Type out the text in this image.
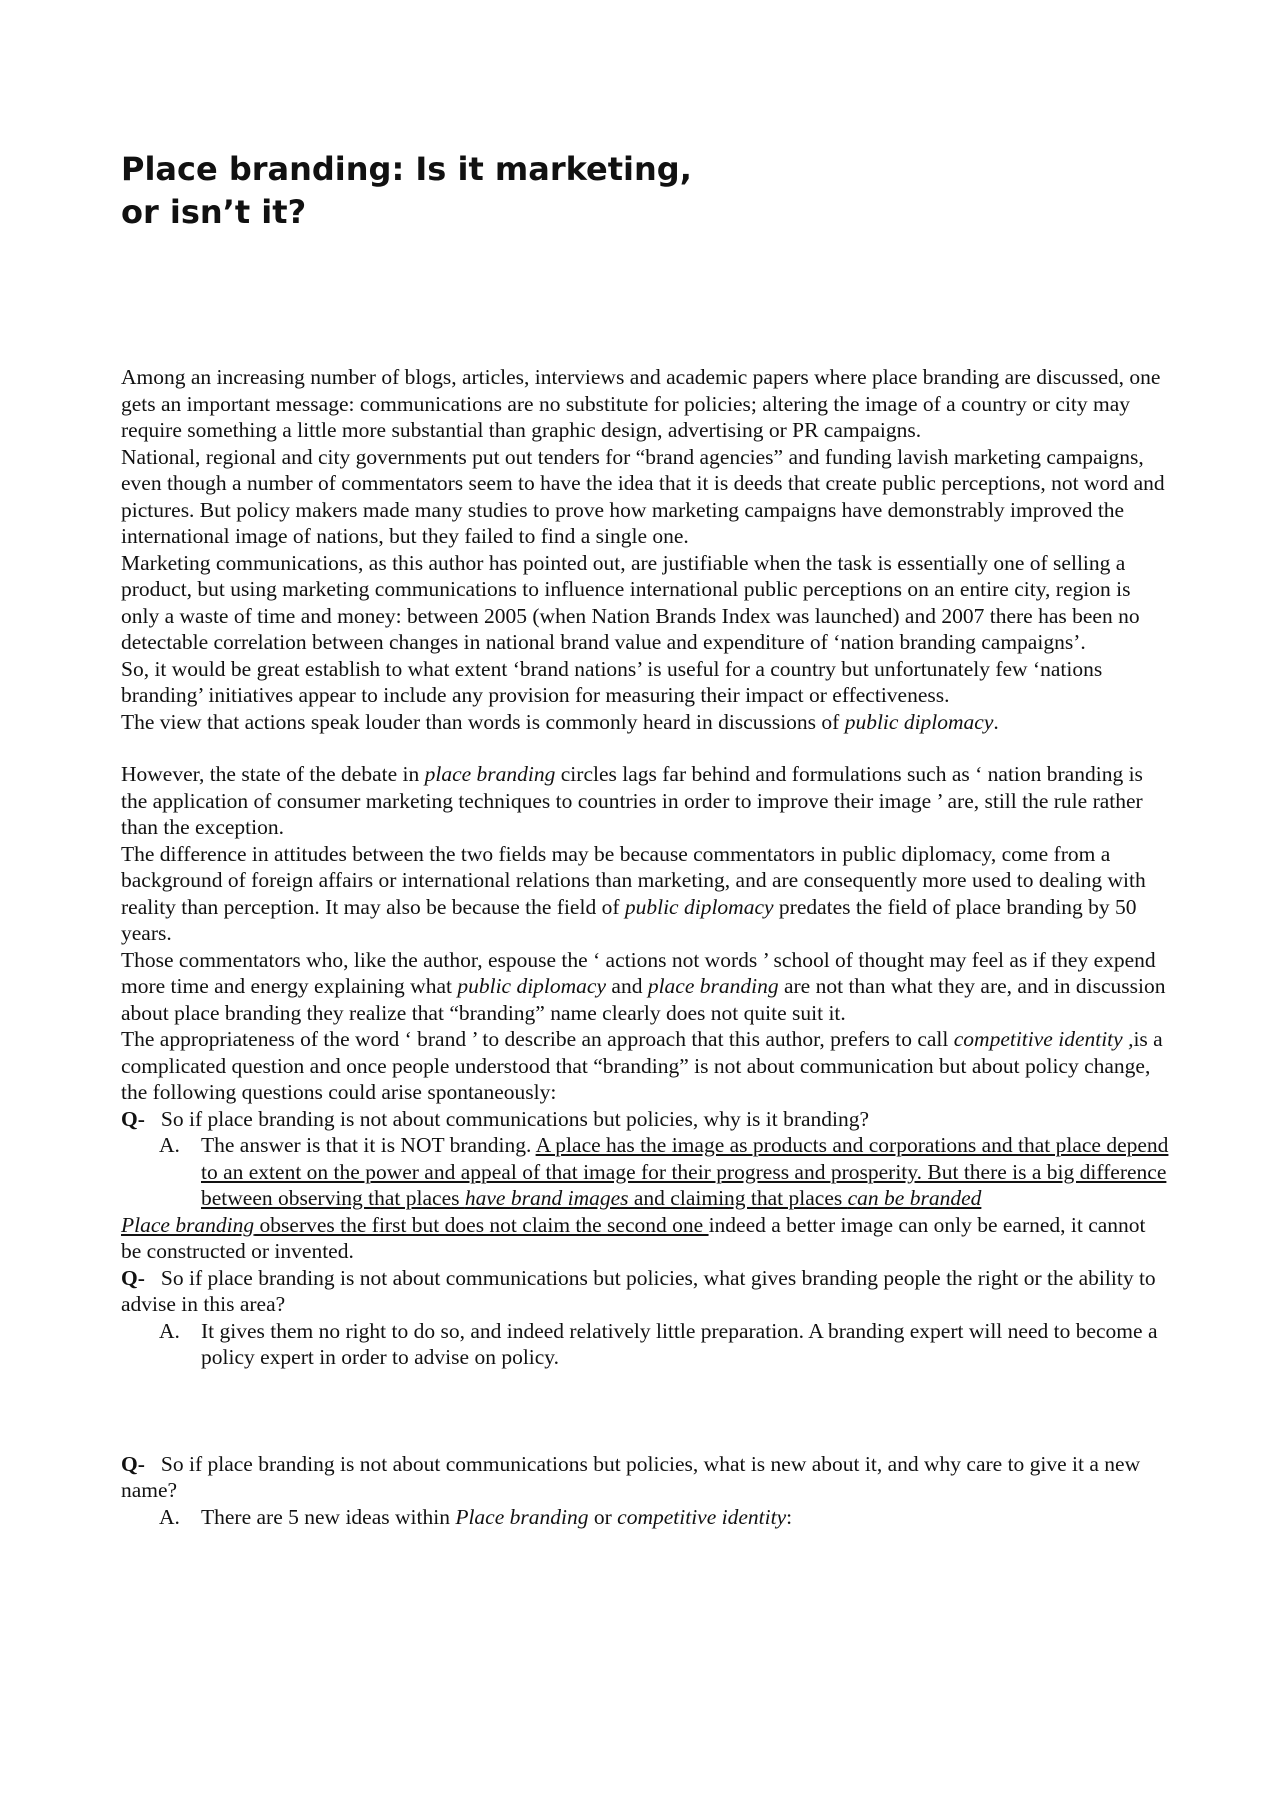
Place branding: Is it marketing,
or isn’t it?

Among an increasing number of blogs, articles, interviews and academic papers where place branding are discussed, one gets an important message: communications are no substitute for policies; altering the image of a country or city may require something a little more substantial than graphic design, advertising or PR campaigns.

National, regional and city governments put out tenders for “brand agencies” and funding lavish marketing campaigns, even though a number of commentators seem to have the idea that it is deeds that create public perceptions, not word and pictures. But policy makers made many studies to prove how marketing campaigns have demonstrably improved the international image of nations, but they failed to find a single one.

Marketing communications, as this author has pointed out, are justifiable when the task is essentially one of selling a product, but using marketing communications to influence international public perceptions on an entire city, region is only a waste of time and money: between 2005 (when Nation Brands Index was launched) and 2007 there has been no detectable correlation between changes in national brand value and expenditure of ‘nation branding campaigns’.

So, it would be great establish to what extent ‘brand nations’ is useful for a country but unfortunately few ‘nations branding’ initiatives appear to include any provision for measuring their impact or effectiveness.

The view that actions speak louder than words is commonly heard in discussions of public diplomacy.

However, the state of the debate in place branding circles lags far behind and formulations such as ‘ nation branding is the application of consumer marketing techniques to countries in order to improve their image ’ are, still the rule rather than the exception.

The difference in attitudes between the two fields may be because commentators in public diplomacy, come from a background of foreign affairs or international relations than marketing, and are consequently more used to dealing with reality than perception. It may also be because the field of public diplomacy predates the field of place branding by 50 years.

Those commentators who, like the author, espouse the ‘ actions not words ’ school of thought may feel as if they expend more time and energy explaining what public diplomacy and place branding are not than what they are, and in discussion about place branding they realize that “branding” name clearly does not quite suit it.

The appropriateness of the word ‘ brand ’ to describe an approach that this author, prefers to call competitive identity ,is a complicated question and once people understood that “branding” is not about communication but about policy change, the following questions could arise spontaneously:

Q- So if place branding is not about communications but policies, why is it branding?

A. The answer is that it is NOT branding. A place has the image as products and corporations and that place depend to an extent on the power and appeal of that image for their progress and prosperity. But there is a big difference between observing that places have brand images and claiming that places can be branded

Place branding observes the first but does not claim the second one indeed a better image can only be earned, it cannot be constructed or invented.

Q- So if place branding is not about communications but policies, what gives branding people the right or the ability to advise in this area?

A. It gives them no right to do so, and indeed relatively little preparation. A branding expert will need to become a policy expert in order to advise on policy.

Q- So if place branding is not about communications but policies, what is new about it, and why care to give it a new name?

A. There are 5 new ideas within Place branding or competitive identity:
